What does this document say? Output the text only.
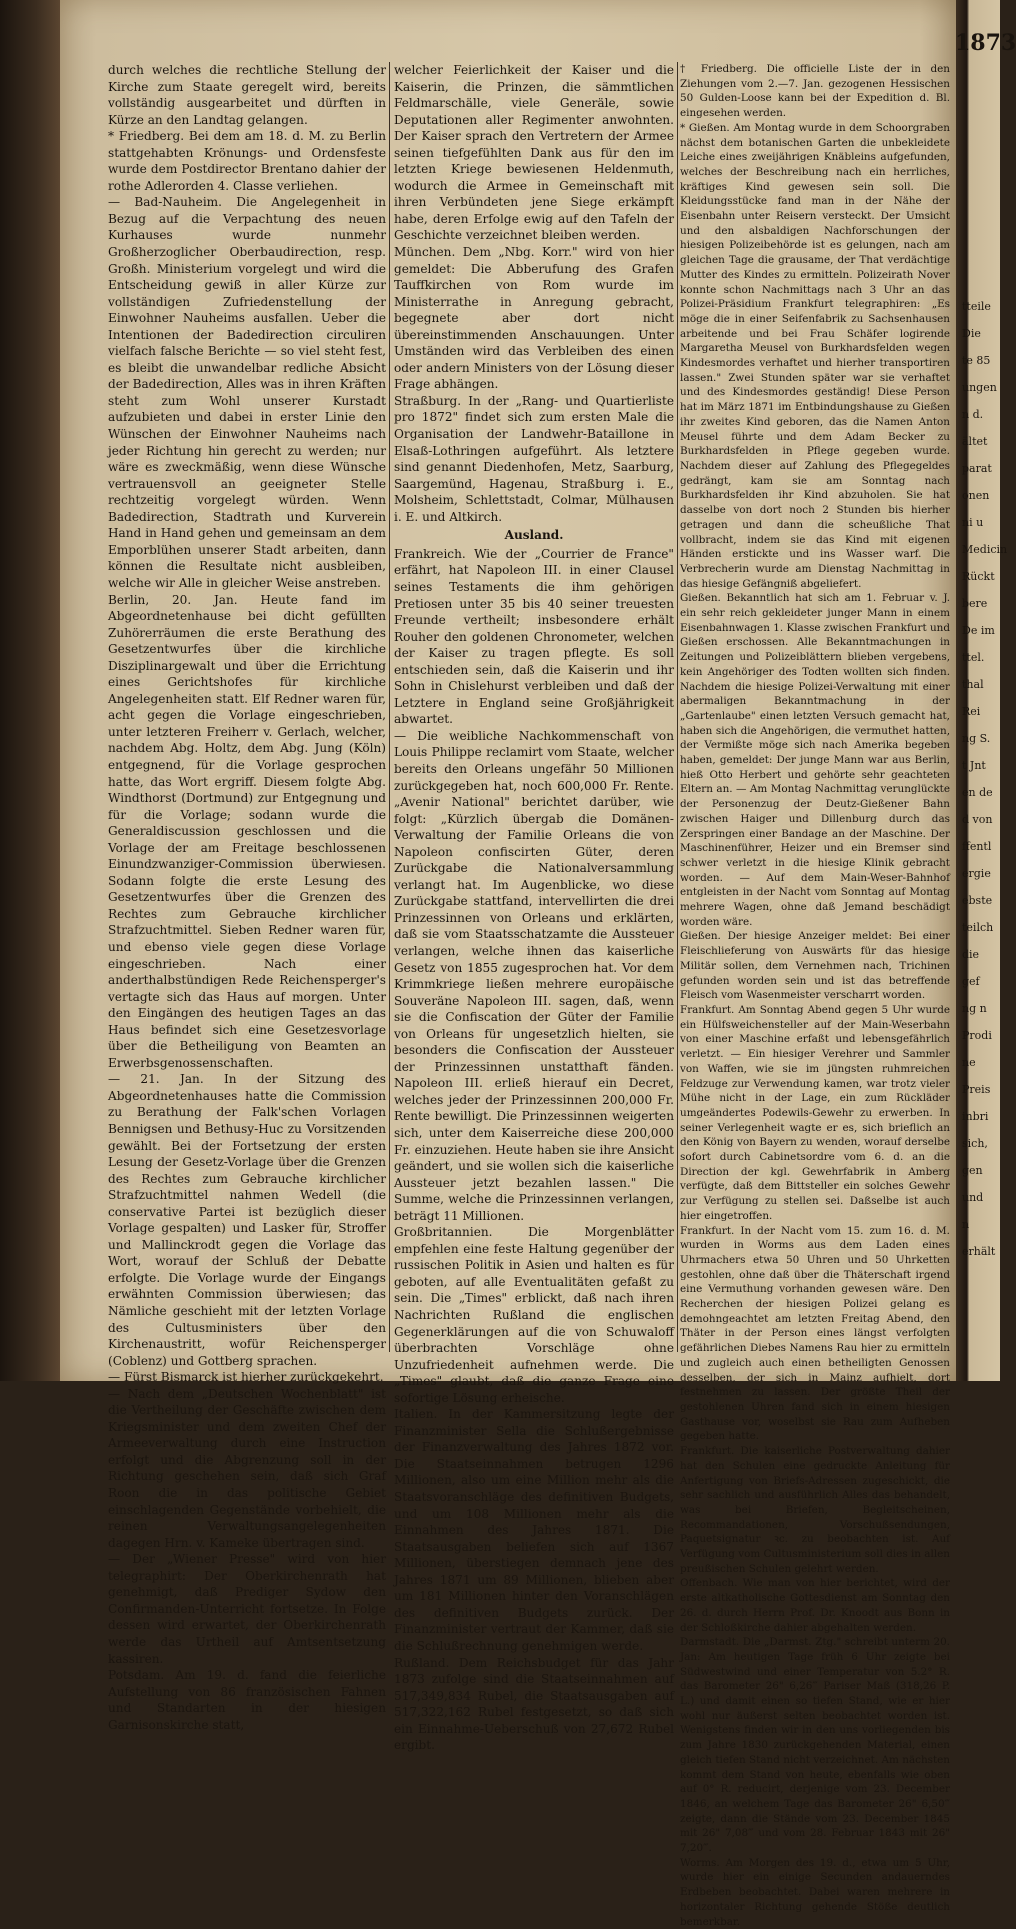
durch welches die rechtliche Stellung der Kirche zum Staate geregelt wird, bereits vollständig ausgearbeitet und dürften in Kürze an den Landtag gelangen.

* Friedberg. Bei dem am 18. d. M. zu Berlin stattgehabten Krönungs- und Ordensfeste wurde dem Postdirector Brentano dahier der rothe Adlerorden 4. Classe verliehen.

— Bad-Nauheim. Die Angelegenheit in Bezug auf die Verpachtung des neuen Kurhauses wurde nunmehr Großherzoglicher Oberbaudirection, resp. Großh. Ministerium vorgelegt und wird die Entscheidung gewiß in aller Kürze zur vollständigen Zufriedenstellung der Einwohner Nauheims ausfallen. Ueber die Intentionen der Badedirection circuliren vielfach falsche Berichte — so viel steht fest, es bleibt die unwandelbar redliche Absicht der Badedirection, Alles was in ihren Kräften steht zum Wohl unserer Kurstadt aufzubieten und dabei in erster Linie den Wünschen der Einwohner Nauheims nach jeder Richtung hin gerecht zu werden; nur wäre es zweckmäßig, wenn diese Wünsche vertrauensvoll an geeigneter Stelle rechtzeitig vorgelegt würden. Wenn Badedirection, Stadtrath und Kurverein Hand in Hand gehen und gemeinsam an dem Emporblühen unserer Stadt arbeiten, dann können die Resultate nicht ausbleiben, welche wir Alle in gleicher Weise anstreben.

Berlin, 20. Jan. Heute fand im Abgeordnetenhause bei dicht gefüllten Zuhörerräumen die erste Berathung des Gesetzentwurfes über die kirchliche Disziplinargewalt und über die Errichtung eines Gerichtshofes für kirchliche Angelegenheiten statt. Elf Redner waren für, acht gegen die Vorlage eingeschrieben, unter letzteren Freiherr v. Gerlach, welcher, nachdem Abg. Holtz, dem Abg. Jung (Köln) entgegnend, für die Vorlage gesprochen hatte, das Wort ergriff. Diesem folgte Abg. Windthorst (Dortmund) zur Entgegnung und für die Vorlage; sodann wurde die Generaldiscussion geschlossen und die Vorlage der am Freitage beschlossenen Einundzwanziger-Commission überwiesen. Sodann folgte die erste Lesung des Gesetzentwurfes über die Grenzen des Rechtes zum Gebrauche kirchlicher Strafzuchtmittel. Sieben Redner waren für, und ebenso viele gegen diese Vorlage eingeschrieben. Nach einer anderthalbstündigen Rede Reichensperger's vertagte sich das Haus auf morgen. Unter den Eingängen des heutigen Tages an das Haus befindet sich eine Gesetzesvorlage über die Betheiligung von Beamten an Erwerbsgenossenschaften.

— 21. Jan. In der Sitzung des Abgeordnetenhauses hatte die Commission zu Berathung der Falk'schen Vorlagen Bennigsen und Bethusy-Huc zu Vorsitzenden gewählt. Bei der Fortsetzung der ersten Lesung der Gesetz-Vorlage über die Grenzen des Rechtes zum Gebrauche kirchlicher Strafzuchtmittel nahmen Wedell (die conservative Partei ist bezüglich dieser Vorlage gespalten) und Lasker für, Stroffer und Mallinckrodt gegen die Vorlage das Wort, worauf der Schluß der Debatte erfolgte. Die Vorlage wurde der Eingangs erwähnten Commission überwiesen; das Nämliche geschieht mit der letzten Vorlage des Cultusministers über den Kirchenaustritt, wofür Reichensperger (Coblenz) und Gottberg sprachen.

— Fürst Bismarck ist hierher zurückgekehrt.

— Nach dem „Deutschen Wochenblatt" ist die Vertheilung der Geschäfte zwischen dem Kriegsminister und dem zweiten Chef der Armeeverwaltung durch eine Instruction erfolgt und die Abgrenzung soll in der Richtung geschehen sein, daß sich Graf Roon die in das politische Gebiet einschlagenden Gegenstände vorbehielt, die reinen Verwaltungsangelegenheiten dagegen Hrn. v. Kameke übertragen sind.

— Der „Wiener Presse" wird von hier telegraphirt: Der Oberkirchenrath hat genehmigt, daß Prediger Sydow den Confirmanden-Unterricht fortsetze. In Folge dessen wird erwartet, der Oberkirchenrath werde das Urtheil auf Amtsentsetzung kassiren.

Potsdam. Am 19. d. fand die feierliche Aufstellung von 86 französischen Fahnen und Standarten in der hiesigen Garnisonskirche statt,

welcher Feierlichkeit der Kaiser und die Kaiserin, die Prinzen, die sämmtlichen Feldmarschälle, viele Generäle, sowie Deputationen aller Regimenter anwohnten. Der Kaiser sprach den Vertretern der Armee seinen tiefgefühlten Dank aus für den im letzten Kriege bewiesenen Heldenmuth, wodurch die Armee in Gemeinschaft mit ihren Verbündeten jene Siege erkämpft habe, deren Erfolge ewig auf den Tafeln der Geschichte verzeichnet bleiben werden.

München. Dem „Nbg. Korr." wird von hier gemeldet: Die Abberufung des Grafen Tauffkirchen von Rom wurde im Ministerrathe in Anregung gebracht, begegnete aber dort nicht übereinstimmenden Anschauungen. Unter Umständen wird das Verbleiben des einen oder andern Ministers von der Lösung dieser Frage abhängen.

Straßburg. In der „Rang- und Quartierliste pro 1872" findet sich zum ersten Male die Organisation der Landwehr-Bataillone in Elsaß-Lothringen aufgeführt. Als letztere sind genannt Diedenhofen, Metz, Saarburg, Saargemünd, Hagenau, Straßburg i. E., Molsheim, Schlettstadt, Colmar, Mülhausen i. E. und Altkirch.

Ausland.

Frankreich. Wie der „Courrier de France" erfährt, hat Napoleon III. in einer Clausel seines Testaments die ihm gehörigen Pretiosen unter 35 bis 40 seiner treuesten Freunde vertheilt; insbesondere erhält Rouher den goldenen Chronometer, welchen der Kaiser zu tragen pflegte. Es soll entschieden sein, daß die Kaiserin und ihr Sohn in Chislehurst verbleiben und daß der Letztere in England seine Großjährigkeit abwartet.

— Die weibliche Nachkommenschaft von Louis Philippe reclamirt vom Staate, welcher bereits den Orleans ungefähr 50 Millionen zurückgegeben hat, noch 600,000 Fr. Rente. „Avenir National" berichtet darüber, wie folgt: „Kürzlich übergab die Domänen-Verwaltung der Familie Orleans die von Napoleon confiscirten Güter, deren Zurückgabe die Nationalversammlung verlangt hat. Im Augenblicke, wo diese Zurückgabe stattfand, intervellirten die drei Prinzessinnen von Orleans und erklärten, daß sie vom Staatsschatzamte die Aussteuer verlangen, welche ihnen das kaiserliche Gesetz von 1855 zugesprochen hat. Vor dem Krimmkriege ließen mehrere europäische Souveräne Napoleon III. sagen, daß, wenn sie die Confiscation der Güter der Familie von Orleans für ungesetzlich hielten, sie besonders die Confiscation der Aussteuer der Prinzessinnen unstatthaft fänden. Napoleon III. erließ hierauf ein Decret, welches jeder der Prinzessinnen 200,000 Fr. Rente bewilligt. Die Prinzessinnen weigerten sich, unter dem Kaiserreiche diese 200,000 Fr. einzuziehen. Heute haben sie ihre Ansicht geändert, und sie wollen sich die kaiserliche Aussteuer jetzt bezahlen lassen." Die Summe, welche die Prinzessinnen verlangen, beträgt 11 Millionen.

Großbritannien. Die Morgenblätter empfehlen eine feste Haltung gegenüber der russischen Politik in Asien und halten es für geboten, auf alle Eventualitäten gefaßt zu sein. Die „Times" erblickt, daß nach ihren Nachrichten Rußland die englischen Gegenerklärungen auf die von Schuwaloff überbrachten Vorschläge ohne Unzufriedenheit aufnehmen werde. Die „Times" glaubt, daß die ganze Frage eine sofortige Lösung erheische.

Italien. In der Kammersitzung legte der Finanzminister Sella die Schlußergebnisse der Finanzverwaltung des Jahres 1872 vor. Die Staatseinnahmen betrugen 1296 Millionen, also um eine Million mehr als die Staatsvoranschläge des definitiven Budgets, und um 108 Millionen mehr als die Einnahmen des Jahres 1871. Die Staatsausgaben beliefen sich auf 1367 Millionen, überstiegen demnach jene des Jahres 1871 um 89 Millionen, blieben aber um 181 Millionen hinter den Voranschlägen des definitiven Budgets zurück. Der Finanzminister vertraut der Kammer, daß sie die Schlußrechnung genehmigen werde.

Rußland. Dem Reichsbudget für das Jahr 1873 zufolge sind die Staatseinnahmen auf 517,349,834 Rubel, die Staatsausgaben auf 517,322,162 Rubel festgesetzt, so daß sich ein Einnahme-Ueberschuß von 27,672 Rubel ergibt.

† Friedberg. Die officielle Liste der in den Ziehungen vom 2.—7. Jan. gezogenen Hessischen 50 Gulden-Loose kann bei der Expedition d. Bl. eingesehen werden.

* Gießen. Am Montag wurde in dem Schoorgraben nächst dem botanischen Garten die unbekleidete Leiche eines zweijährigen Knäbleins aufgefunden, welches der Beschreibung nach ein herrliches, kräftiges Kind gewesen sein soll. Die Kleidungsstücke fand man in der Nähe der Eisenbahn unter Reisern versteckt. Der Umsicht und den alsbaldigen Nachforschungen der hiesigen Polizeibehörde ist es gelungen, nach am gleichen Tage die grausame, der That verdächtige Mutter des Kindes zu ermitteln. Polizeirath Nover konnte schon Nachmittags nach 3 Uhr an das Polizei-Präsidium Frankfurt telegraphiren: „Es möge die in einer Seifenfabrik zu Sachsenhausen arbeitende und bei Frau Schäfer logirende Margaretha Meusel von Burkhardsfelden wegen Kindesmordes verhaftet und hierher transportiren lassen." Zwei Stunden später war sie verhaftet und des Kindesmordes geständig! Diese Person hat im März 1871 im Entbindungshause zu Gießen ihr zweites Kind geboren, das die Namen Anton Meusel führte und dem Adam Becker zu Burkhardsfelden in Pflege gegeben wurde. Nachdem dieser auf Zahlung des Pflegegeldes gedrängt, kam sie am Sonntag nach Burkhardsfelden ihr Kind abzuholen. Sie hat dasselbe von dort noch 2 Stunden bis hierher getragen und dann die scheußliche That vollbracht, indem sie das Kind mit eigenen Händen erstickte und ins Wasser warf. Die Verbrecherin wurde am Dienstag Nachmittag in das hiesige Gefängniß abgeliefert.

Gießen. Bekanntlich hat sich am 1. Februar v. J. ein sehr reich gekleideter junger Mann in einem Eisenbahnwagen 1. Klasse zwischen Frankfurt und Gießen erschossen. Alle Bekanntmachungen in Zeitungen und Polizeiblättern blieben vergebens, kein Angehöriger des Todten wollten sich finden. Nachdem die hiesige Polizei-Verwaltung mit einer abermaligen Bekanntmachung in der „Gartenlaube" einen letzten Versuch gemacht hat, haben sich die Angehörigen, die vermuthet hatten, der Vermißte möge sich nach Amerika begeben haben, gemeldet: Der junge Mann war aus Berlin, hieß Otto Herbert und gehörte sehr geachteten Eltern an. — Am Montag Nachmittag verunglückte der Personenzug der Deutz-Gießener Bahn zwischen Haiger und Dillenburg durch das Zerspringen einer Bandage an der Maschine. Der Maschinenführer, Heizer und ein Bremser sind schwer verletzt in die hiesige Klinik gebracht worden. — Auf dem Main-Weser-Bahnhof entgleisten in der Nacht vom Sonntag auf Montag mehrere Wagen, ohne daß Jemand beschädigt worden wäre.

Gießen. Der hiesige Anzeiger meldet: Bei einer Fleischlieferung von Auswärts für das hiesige Militär sollen, dem Vernehmen nach, Trichinen gefunden worden sein und ist das betreffende Fleisch vom Wasenmeister verscharrt worden.

Frankfurt. Am Sonntag Abend gegen 5 Uhr wurde ein Hülfsweichensteller auf der Main-Weserbahn von einer Maschine erfaßt und lebensgefährlich verletzt. — Ein hiesiger Verehrer und Sammler von Waffen, wie sie im jüngsten ruhmreichen Feldzuge zur Verwendung kamen, war trotz vieler Mühe nicht in der Lage, ein zum Rückläder umgeändertes Podewils-Gewehr zu erwerben. In seiner Verlegenheit wagte er es, sich brieflich an den König von Bayern zu wenden, worauf derselbe sofort durch Cabinetsordre vom 6. d. an die Direction der kgl. Gewehrfabrik in Amberg verfügte, daß dem Bittsteller ein solches Gewehr zur Verfügung zu stellen sei. Daßselbe ist auch hier eingetroffen.

Frankfurt. In der Nacht vom 15. zum 16. d. M. wurden in Worms aus dem Laden eines Uhrmachers etwa 50 Uhren und 50 Uhrketten gestohlen, ohne daß über die Thäterschaft irgend eine Vermuthung vorhanden gewesen wäre. Den Recherchen der hiesigen Polizei gelang es demohngeachtet am letzten Freitag Abend, den Thäter in der Person eines längst verfolgten gefährlichen Diebes Namens Rau hier zu ermitteln und zugleich auch einen betheiligten Genossen desselben, der sich in Mainz aufhielt, dort festnehmen zu lassen. Der größte Theil der gestohlenen Uhren fand sich in einem hiesigen Gasthause vor, woselbst sie Rau zum Aufheben gegeben hatte.

Frankfurt. Die kaiserliche Postverwaltung dahier hat den Schulen eine gedruckte Anleitung für Anfertigung von Briefs-Adressen zugeschickt, die sehr sachlich und ausführlich Alles das behandelt, was bei Briefen, Begleitscheinen, Recommandationen, Vorschußsendungen, Paquetsignatur ꝛc. zu beobachten ist. Auf Verfügung vom Cultusministerium soll dies in allen preußischen Schulen gelehrt werden.

Offenbach. Wie man von hier berichtet, wird der erste altkatholische Gottesdienst am Sonntag den 26. d. durch Herrn Prof. Dr. Knoodt aus Bonn in der Schloßkirche dahier abgehalten werden.

Darmstadt. Die „Darmst. Ztg." schreibt unterm 20. Jan: Am heutigen Tage früh 6 Uhr zeigte bei Südwestwind und einer Temperatur von 5.2° R. das Barometer 26" 6,26‴ Pariser Maß (318,26 P. L.) und damit einen so tiefen Stand, wie er hier wohl nur äußerst selten beobachtet worden ist. Wenigstens finden wir in den uns vorliegenden bis zum Jahre 1830 zurückgehenden Material, einen gleich tiefen Stand nicht verzeichnet. Am nächsten kommt dem Stand von heute, ebenfalls wie oben auf 0° R. reducirt, derjenige vom 23. December 1846, an welchem Tage das Barometer 26" 6,50‴ zeigte, dann die Stände vom 23. December 1845 mit 26" 7,08‴ und vom 28. Februar 1843 mit 26" 7,20‴.

Worms. Am Morgen des 19. d., etwa um 5 Uhr, wurde hier ein einige Secunden andauerndes Erdbeben beobachtet. Dabei waren mehrere in horizontaler Richtung gehende Stöße deutlich bemerkbar.

1873
tteile
Die
te 85
ungen
n d.
ältet
parat
onen
ni u
Medicin
Rückt
bere
De im
ttel.
thal
Rei
ng S.
t Jnt
en de
d von
ffentl
ergie
ebste
teilch
die
gef
ng n
Prodi
ne
Preis
inbri
sich,
gen
und
n
erhält
